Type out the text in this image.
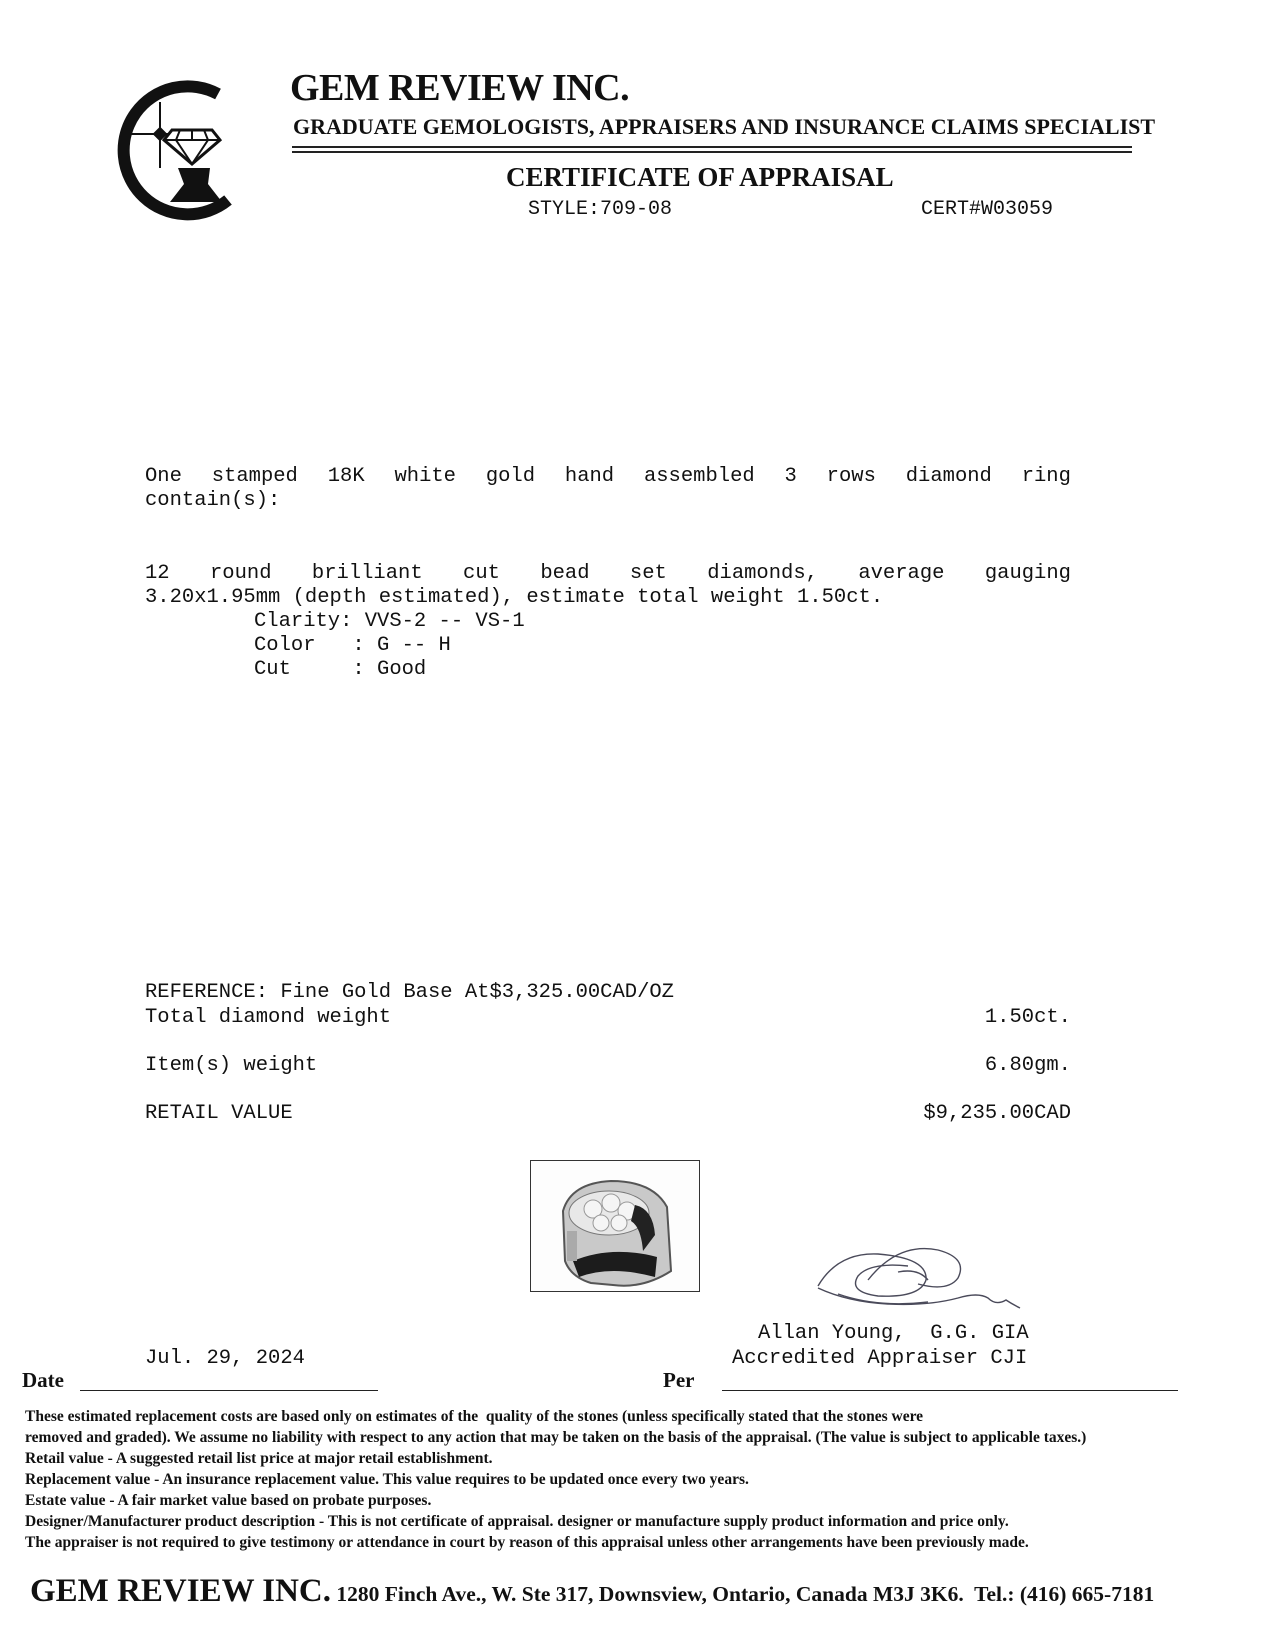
GEM REVIEW INC.
GRADUATE GEMOLOGISTS, APPRAISERS AND INSURANCE CLAIMS SPECIALIST
CERTIFICATE OF APPRAISAL
STYLE:709-08	CERT#W03059
One stamped 18K white gold hand assembled 3 rows diamond ring
contain(s):
12 round brilliant cut bead set diamonds, average gauging
3.20x1.95mm (depth estimated), estimate total weight 1.50ct.
Clarity: VVS-2 -- VS-1
Color   : G -- H
Cut     : Good
REFERENCE: Fine Gold Base At$3,325.00CAD/OZ
Total diamond weight	1.50ct.
Item(s) weight	6.80gm.
RETAIL VALUE	$9,235.00CAD
Allan Young,  G.G. GIA
Accredited Appraiser CJI
Jul. 29, 2024
Date	Per
These estimated replacement costs are based only on estimates of the  quality of the stones (unless specifically stated that the stones were
removed and graded). We assume no liability with respect to any action that may be taken on the basis of the appraisal. (The value is subject to applicable taxes.)
Retail value - A suggested retail list price at major retail establishment.
Replacement value - An insurance replacement value. This value requires to be updated once every two years.
Estate value - A fair market value based on probate purposes.
Designer/Manufacturer product description - This is not certificate of appraisal. designer or manufacture supply product information and price only.
The appraiser is not required to give testimony or attendance in court by reason of this appraisal unless other arrangements have been previously made.

GEM REVIEW INC. 1280 Finch Ave., W. Ste 317, Downsview, Ontario, Canada M3J 3K6.  Tel.: (416) 665-7181
